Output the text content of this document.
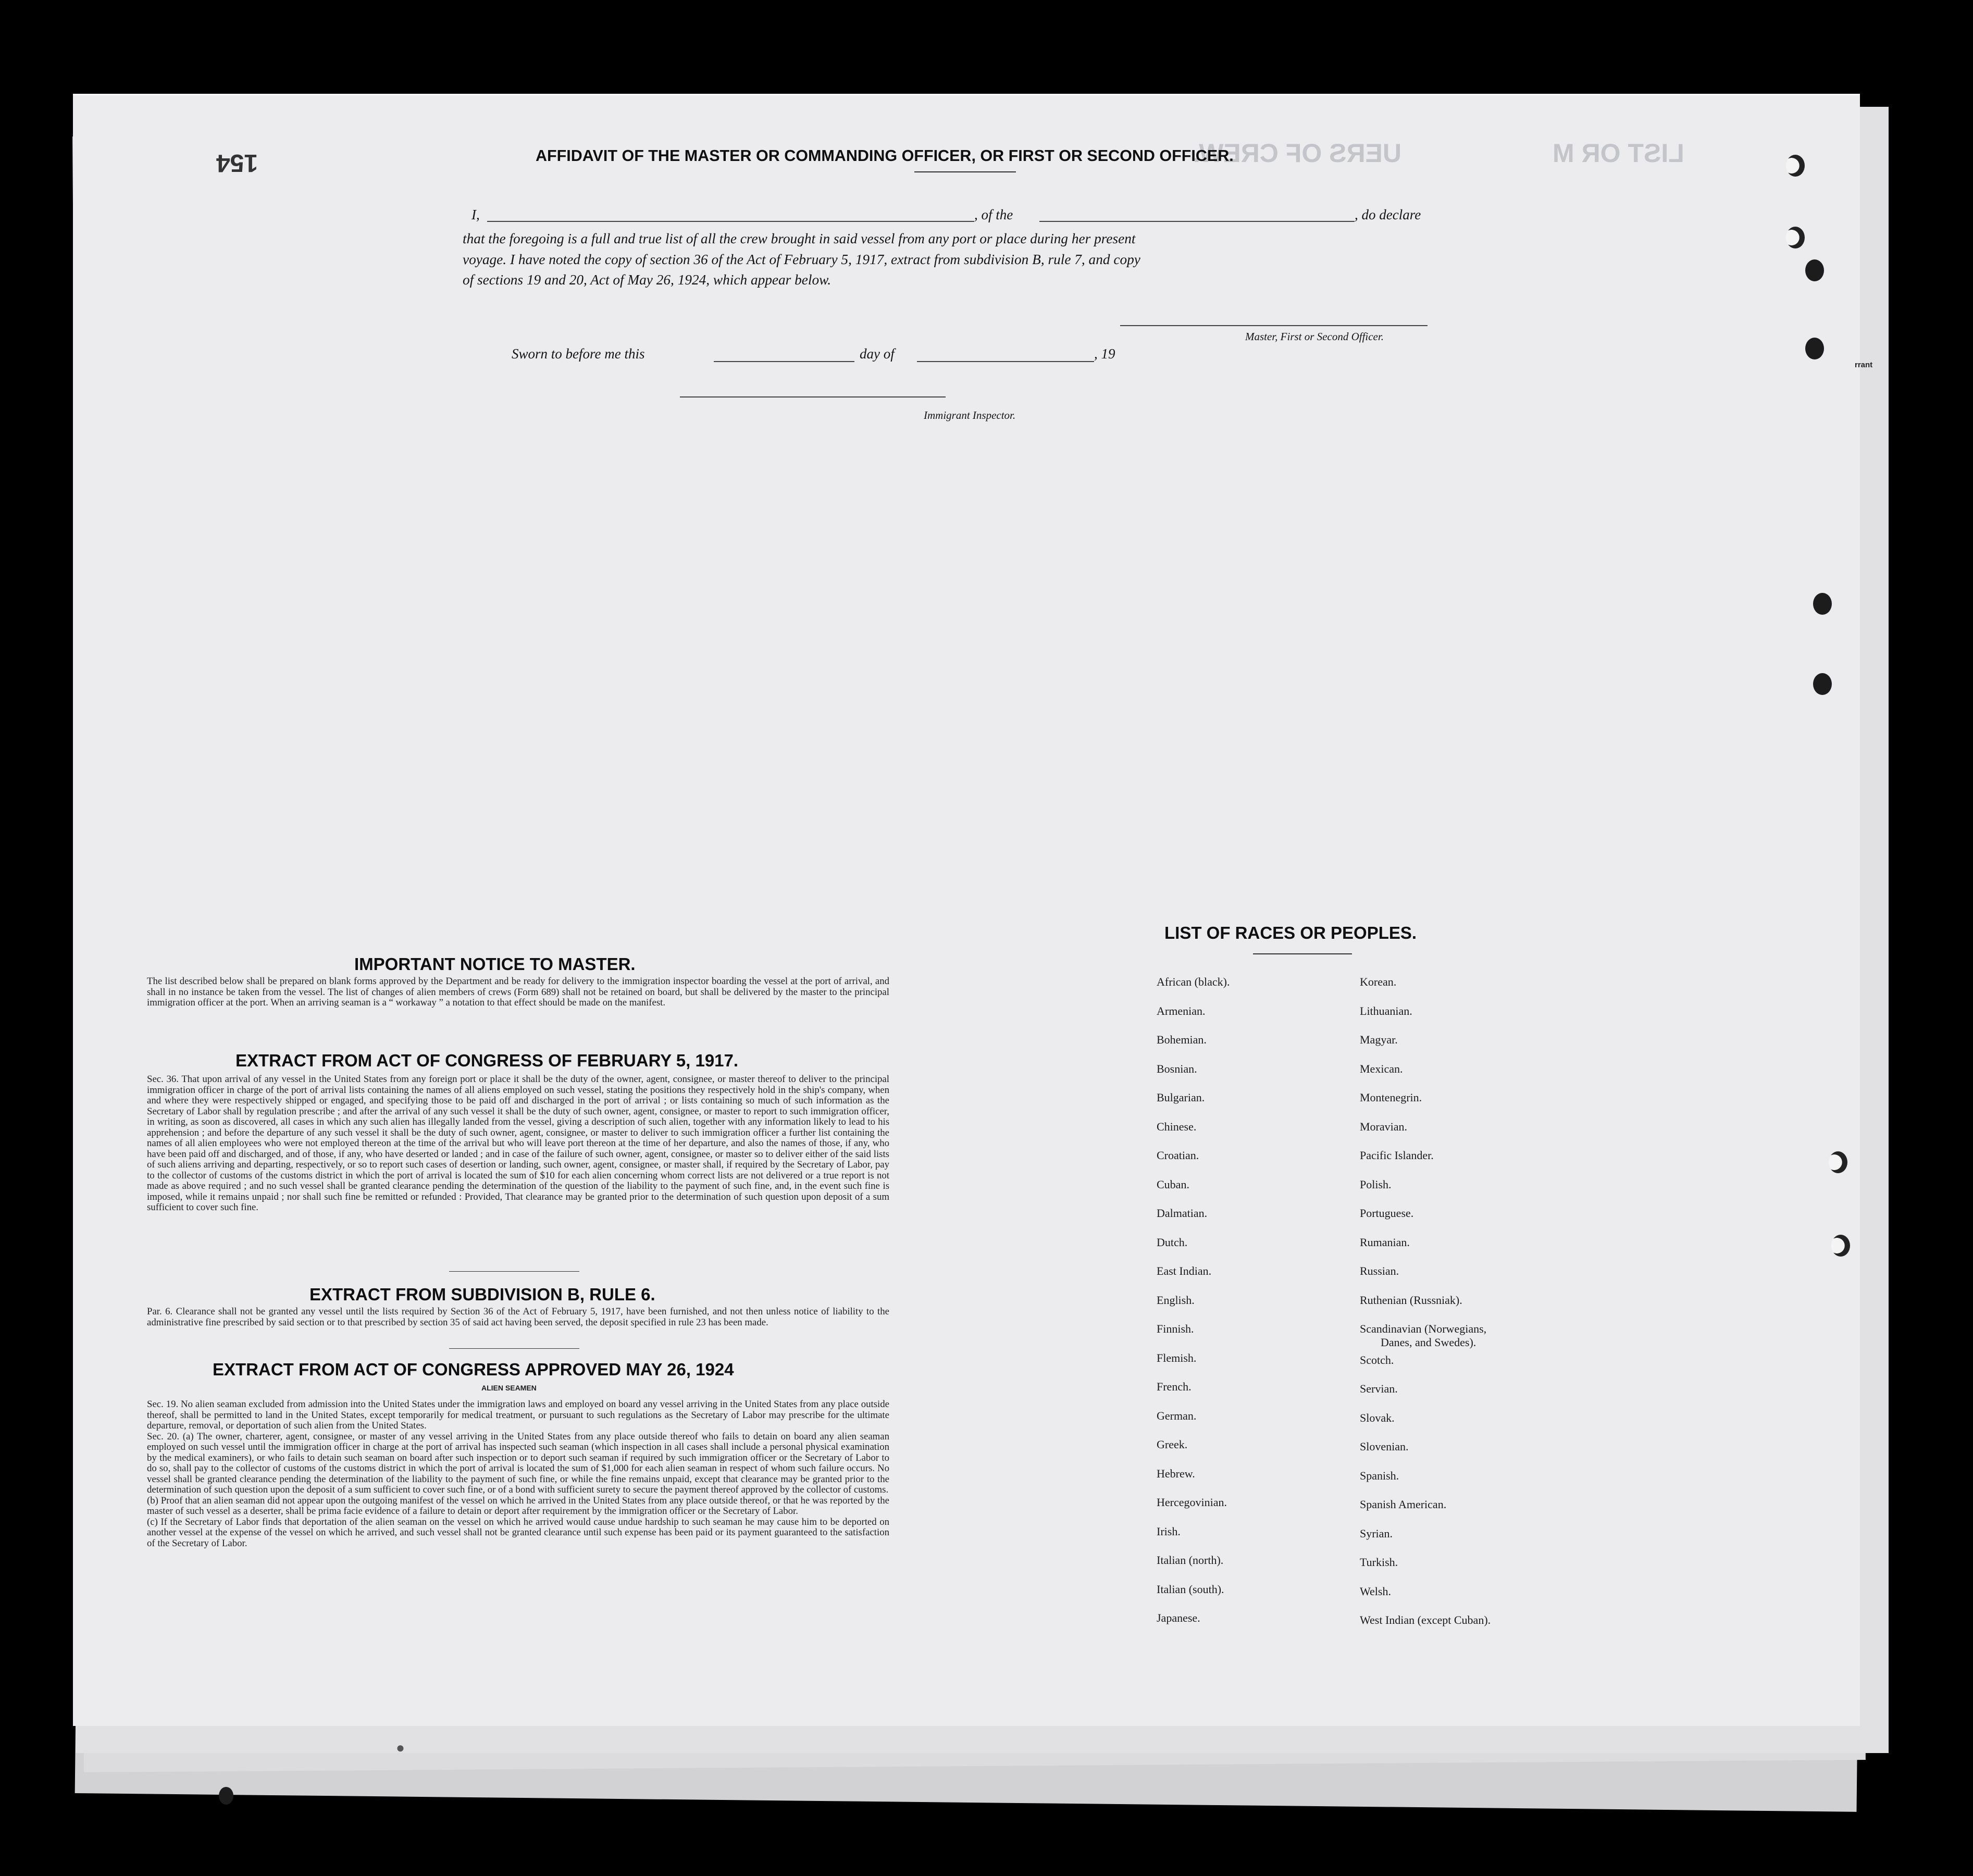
LIST OR M
UERS OF CREW.
rrant
154	AFFIDAVIT OF THE MASTER OR COMMANDING OFFICER, OR FIRST OR SECOND OFFICER.
I,	, of the	, do declare
that the foregoing is a full and true list of all the crew brought in said vessel from any port or place during her present
voyage. I have noted the copy of section 36 of the Act of February 5, 1917, extract from subdivision B, rule 7, and copy
of sections 19 and 20, Act of May 26, 1924, which appear below.
Master, First or Second Officer.
Sworn to before me this	day of	, 19
Immigrant Inspector.
IMPORTANT NOTICE TO MASTER.
The list described below shall be prepared on blank forms approved by the Department and be ready for delivery to the immigration inspector boarding the vessel at the port of arrival, and shall in no instance be taken from the vessel. The list of changes of alien members of crews (Form 689) shall not be retained on board, but shall be delivered by the master to the principal immigration officer at the port. When an arriving seaman is a “ workaway ” a notation to that effect should be made on the manifest.
EXTRACT FROM ACT OF CONGRESS OF FEBRUARY 5, 1917.
Sec. 36. That upon arrival of any vessel in the United States from any foreign port or place it shall be the duty of the owner, agent, consignee, or master thereof to deliver to the principal immigration officer in charge of the port of arrival lists containing the names of all aliens employed on such vessel, stating the positions they respectively hold in the ship's company, when and where they were respectively shipped or engaged, and specifying those to be paid off and discharged in the port of arrival ; or lists containing so much of such information as the Secretary of Labor shall by regulation prescribe ; and after the arrival of any such vessel it shall be the duty of such owner, agent, consignee, or master to report to such immigration officer, in writing, as soon as discovered, all cases in which any such alien has illegally landed from the vessel, giving a description of such alien, together with any information likely to lead to his apprehension ; and before the departure of any such vessel it shall be the duty of such owner, agent, consignee, or master to deliver to such immigration officer a further list containing the names of all alien employees who were not employed thereon at the time of the arrival but who will leave port thereon at the time of her departure, and also the names of those, if any, who have been paid off and discharged, and of those, if any, who have deserted or landed ; and in case of the failure of such owner, agent, consignee, or master so to deliver either of the said lists of such aliens arriving and departing, respectively, or so to report such cases of desertion or landing, such owner, agent, consignee, or master shall, if required by the Secretary of Labor, pay to the collector of customs of the customs district in which the port of arrival is located the sum of $10 for each alien concerning whom correct lists are not delivered or a true report is not made as above required ; and no such vessel shall be granted clearance pending the determination of the question of the liability to the payment of such fine, and, in the event such fine is imposed, while it remains unpaid ; nor shall such fine be remitted or refunded : Provided, That clearance may be granted prior to the determination of such question upon deposit of a sum sufficient to cover such fine.
EXTRACT FROM SUBDIVISION B, RULE 6.
Par. 6. Clearance shall not be granted any vessel until the lists required by Section 36 of the Act of February 5, 1917, have been furnished, and not then unless notice of liability to the administrative fine prescribed by said section or to that prescribed by section 35 of said act having been served, the deposit specified in rule 23 has been made.
EXTRACT FROM ACT OF CONGRESS APPROVED MAY 26, 1924
ALIEN SEAMEN

Sec. 19. No alien seaman excluded from admission into the United States under the immigration laws and employed on board any vessel arriving in the United States from any place outside thereof, shall be permitted to land in the United States, except temporarily for medical treatment, or pursuant to such regulations as the Secretary of Labor may prescribe for the ultimate departure, removal, or deportation of such alien from the United States.

Sec. 20. (a) The owner, charterer, agent, consignee, or master of any vessel arriving in the United States from any place outside thereof who fails to detain on board any alien seaman employed on such vessel until the immigration officer in charge at the port of arrival has inspected such seaman (which inspection in all cases shall include a personal physical examination by the medical examiners), or who fails to detain such seaman on board after such inspection or to deport such seaman if required by such immigration officer or the Secretary of Labor to do so, shall pay to the collector of customs of the customs district in which the port of arrival is located the sum of $1,000 for each alien seaman in respect of whom such failure occurs. No vessel shall be granted clearance pending the determination of the liability to the payment of such fine, or while the fine remains unpaid, except that clearance may be granted prior to the determination of such question upon the deposit of a sum sufficient to cover such fine, or of a bond with sufficient surety to secure the payment thereof approved by the collector of customs.

(b) Proof that an alien seaman did not appear upon the outgoing manifest of the vessel on which he arrived in the United States from any place outside thereof, or that he was reported by the master of such vessel as a deserter, shall be prima facie evidence of a failure to detain or deport after requirement by the immigration officer or the Secretary of Labor.

(c) If the Secretary of Labor finds that deportation of the alien seaman on the vessel on which he arrived would cause undue hardship to such seaman he may cause him to be deported on another vessel at the expense of the vessel on which he arrived, and such vessel shall not be granted clearance until such expense has been paid or its payment guaranteed to the satisfaction of the Secretary of Labor.

LIST OF RACES OR PEOPLES.
African (black).
Armenian.
Bohemian.
Bosnian.
Bulgarian.
Chinese.
Croatian.
Cuban.
Dalmatian.
Dutch.
East Indian.
English.
Finnish.
Flemish.
French.
German.
Greek.
Hebrew.
Hercegovinian.
Irish.
Italian (north).
Italian (south).
Japanese.
Korean.
Lithuanian.
Magyar.
Mexican.
Montenegrin.
Moravian.
Pacific Islander.
Polish.
Portuguese.
Rumanian.
Russian.
Ruthenian (Russniak).
Scandinavian (Norwegians,
Danes, and Swedes).
Scotch.
Servian.
Slovak.
Slovenian.
Spanish.
Spanish American.
Syrian.
Turkish.
Welsh.
West Indian (except Cuban).
●
